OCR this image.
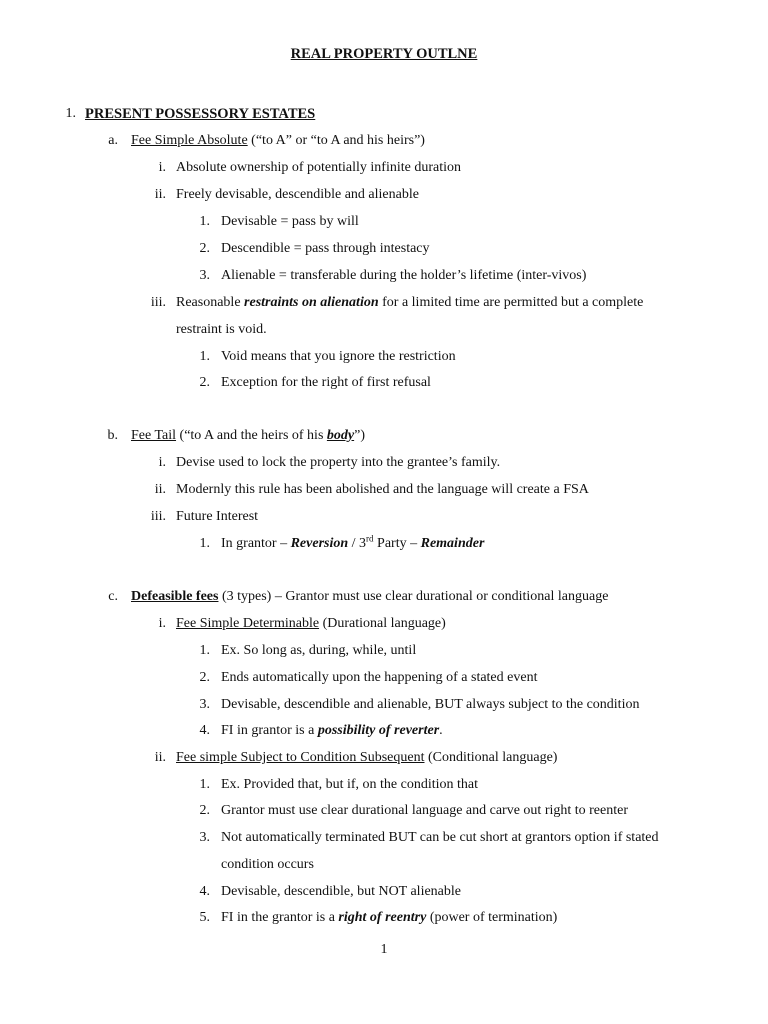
REAL PROPERTY OUTLNE
1. PRESENT POSSESSORY ESTATES
a. Fee Simple Absolute (“to A” or “to A and his heirs”)
i. Absolute ownership of potentially infinite duration
ii. Freely devisable, descendible and alienable
1. Devisable = pass by will
2. Descendible = pass through intestacy
3. Alienable = transferable during the holder’s lifetime (inter-vivos)
iii. Reasonable restraints on alienation for a limited time are permitted but a complete
restraint is void.
1. Void means that you ignore the restriction
2. Exception for the right of first refusal
b. Fee Tail (“to A and the heirs of his body”)
i. Devise used to lock the property into the grantee’s family.
ii. Modernly this rule has been abolished and the language will create a FSA
iii. Future Interest
1. In grantor – Reversion / 3rd Party – Remainder
c. Defeasible fees (3 types) – Grantor must use clear durational or conditional language
i. Fee Simple Determinable (Durational language)
1. Ex. So long as, during, while, until
2. Ends automatically upon the happening of a stated event
3. Devisable, descendible and alienable, BUT always subject to the condition
4. FI in grantor is a possibility of reverter.
ii. Fee simple Subject to Condition Subsequent (Conditional language)
1. Ex. Provided that, but if, on the condition that
2. Grantor must use clear durational language and carve out right to reenter
3. Not automatically terminated BUT can be cut short at grantors option if stated
condition occurs
4. Devisable, descendible, but NOT alienable
5. FI in the grantor is a right of reentry (power of termination)
1
